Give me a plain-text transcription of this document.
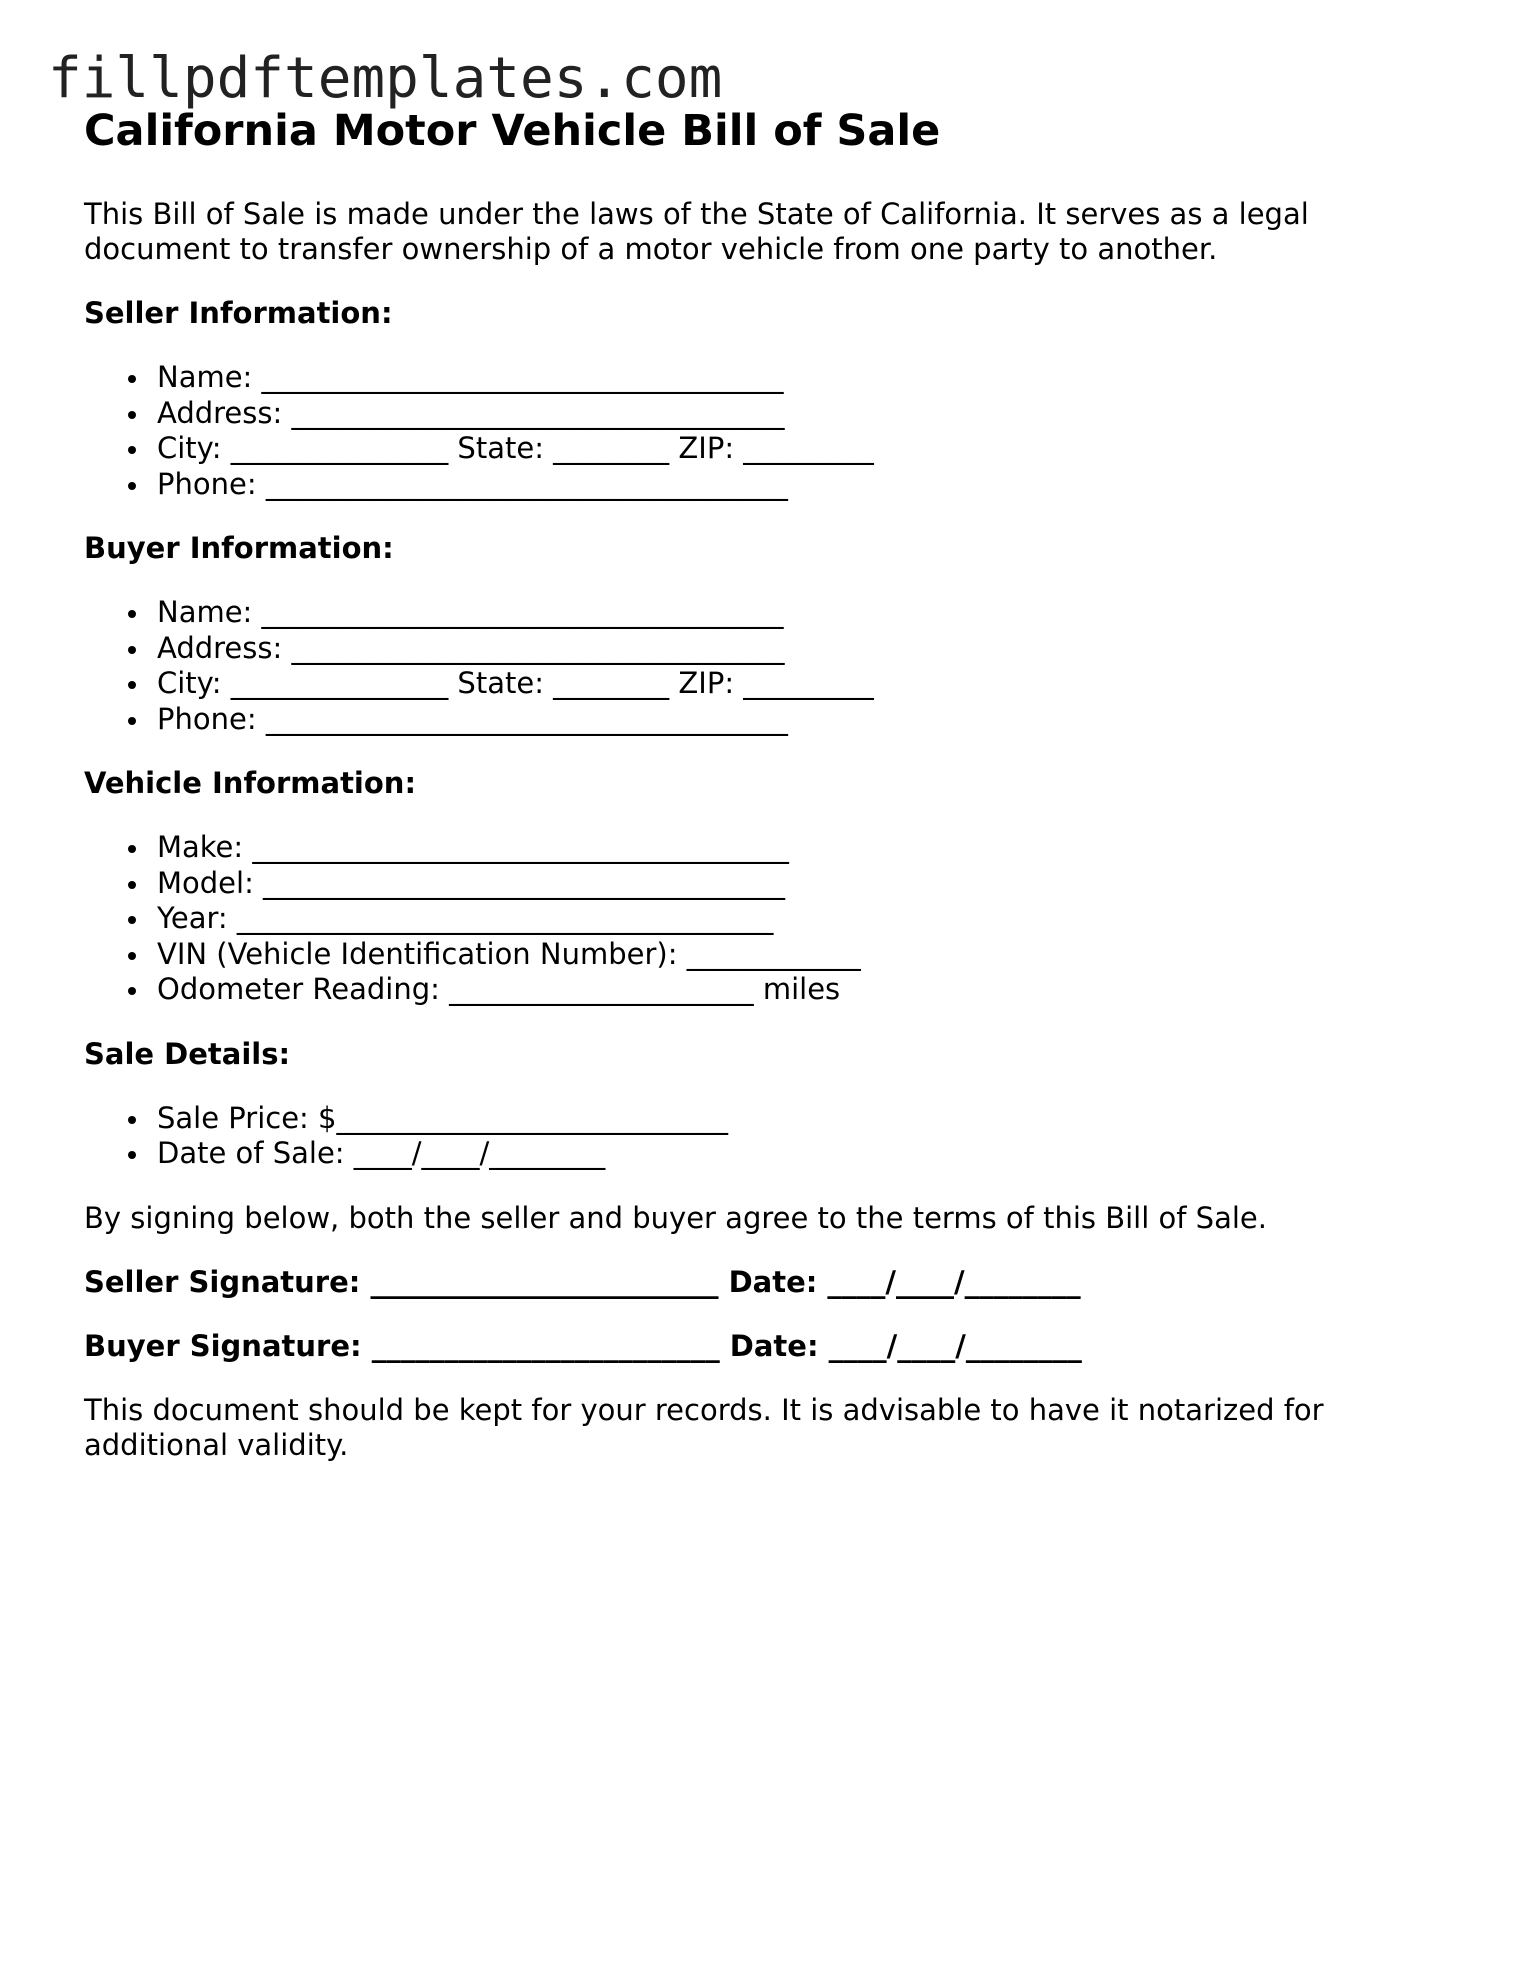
fillpdftemplates.com
California Motor Vehicle Bill of Sale

This Bill of Sale is made under the laws of the State of California. It serves as a legal document to transfer ownership of a motor vehicle from one party to another.

Seller Information:
Name: ____________________________________
Address: __________________________________
City: _______________ State: ________ ZIP: _________
Phone: ____________________________________
Buyer Information:
Name: ____________________________________
Address: __________________________________
City: _______________ State: ________ ZIP: _________
Phone: ____________________________________
Vehicle Information:
Make: _____________________________________
Model: ____________________________________
Year: _____________________________________
VIN (Vehicle Identification Number): ____________
Odometer Reading: _____________________ miles
Sale Details:
Sale Price: $___________________________
Date of Sale: ____/____/________

By signing below, both the seller and buyer agree to the terms of this Bill of Sale.

Seller Signature: ________________________ Date: ____/____/________
Buyer Signature: ________________________ Date: ____/____/________

This document should be kept for your records. It is advisable to have it notarized for additional validity.
